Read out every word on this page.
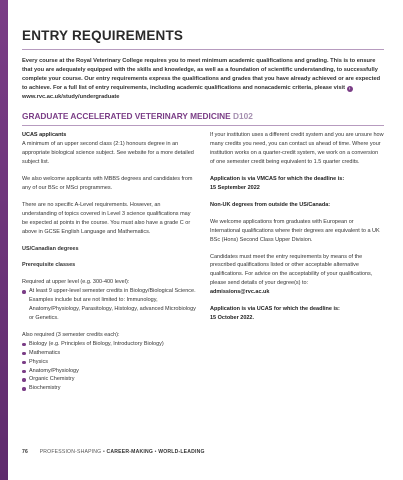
ENTRY REQUIREMENTS

Every course at the Royal Veterinary College requires you to meet minimum academic qualifications and grading. This is to ensure that you are adequately equipped with the skills and knowledge, as well as a foundation of scientific understanding, to successfully complete your course. Our entry requirements express the qualifications and grades that you have already achieved or are expected to achieve. For a full list of entry requirements, including academic qualifications and nonacademic criteria, please visit › www.rvc.ac.uk/study/undergraduate

GRADUATE ACCELERATED VETERINARY MEDICINE D102

UCAS applicants
A minimum of an upper second class (2:1) honours degree in an appropriate biological science subject. See website for a more detailed subject list.

We also welcome applicants with MBBS degrees and candidates from any of our BSc or MSci programmes.

There are no specific A-Level requirements. However, an understanding of topics covered in Level 3 science qualifications may be expected at points in the course. You must also have a grade C or above in GCSE English Language and Mathematics.

US/Canadian degrees

Prerequisite classes

Required at upper level (e.g. 300-400 level):

At least 9 upper-level semester credits in Biology/Biological Science. Examples include but are not limited to: Immunology, Anatomy/Physiology, Parasitology, Histology, advanced Microbiology or Genetics.

Also required (3 semester credits each):

Biology (e.g. Principles of Biology, Introductory Biology)
Mathematics
Physics
Anatomy/Physiology
Organic Chemistry
Biochemistry

If your institution uses a different credit system and you are unsure how many credits you need, you can contact us ahead of time. Where your institution works on a quarter-credit system, we work on a conversion of one semester credit being equivalent to 1.5 quarter credits.

Application is via VMCAS for which the deadline is:
15 September 2022

Non-UK degrees from outside the US/Canada:

We welcome applications from graduates with European or International qualifications where their degrees are equivalent to a UK BSc (Hons) Second Class Upper Division.

Candidates must meet the entry requirements by means of the prescribed qualifications listed or other acceptable alternative qualifications. For advice on the acceptability of your qualifications, please send details of your degree(s) to:
admissions@rvc.ac.uk

Application is via UCAS for which the deadline is:
15 October 2022.

76 PROFESSION-SHAPING • CAREER-MAKING • WORLD-LEADING
